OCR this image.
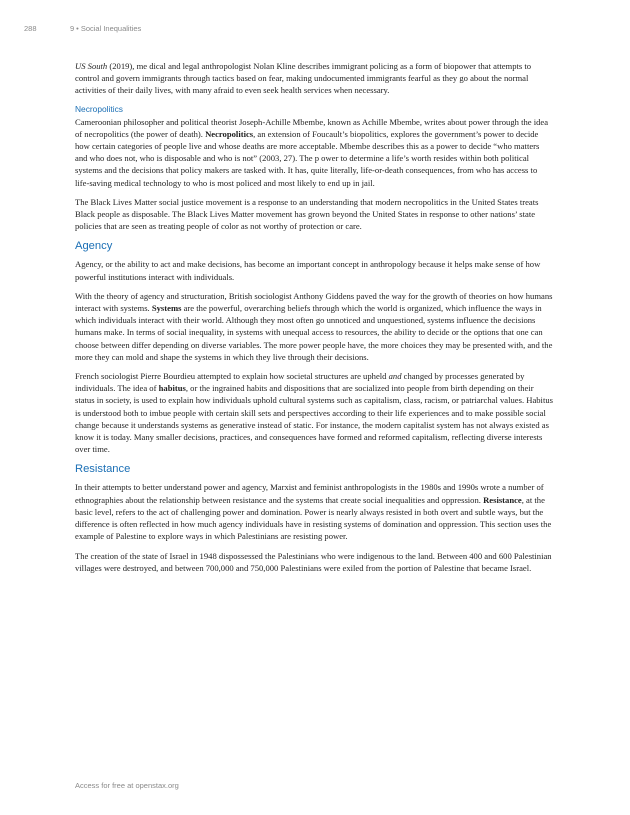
288	9 • Social Inequalities

US South (2019), me dical and legal anthropologist Nolan Kline describes immigrant policing as a form of biopower that attempts to control and govern immigrants through tactics based on fear, making undocumented immigrants fearful as they go about the normal activities of their daily lives, with many afraid to even seek health services when necessary.

Necropolitics

Cameroonian philosopher and political theorist Joseph-Achille Mbembe, known as Achille Mbembe, writes about power through the idea of necropolitics (the power of death). Necropolitics, an extension of Foucault’s biopolitics, explores the government’s power to decide how certain categories of people live and whose deaths are more acceptable. Mbembe describes this as a power to decide “who matters and who does not, who is disposable and who is not” (2003, 27). The p ower to determine a life’s worth resides within both political systems and the decisions that policy makers are tasked with. It has, quite literally, life-or-death consequences, from who has access to life-saving medical technology to who is most policed and most likely to end up in jail.

The Black Lives Matter social justice movement is a response to an understanding that modern necropolitics in the United States treats Black people as disposable. The Black Lives Matter movement has grown beyond the United States in response to other nations’ state policies that are seen as treating people of color as not worthy of protection or care.

Agency

Agency, or the ability to act and make decisions, has become an important concept in anthropology because it helps make sense of how powerful institutions interact with individuals.

With the theory of agency and structuration, British sociologist Anthony Giddens paved the way for the growth of theories on how humans interact with systems. Systems are the powerful, overarching beliefs through which the world is organized, which influence the ways in which individuals interact with their world. Although they most often go unnoticed and unquestioned, systems influence the decisions humans make. In terms of social inequality, in systems with unequal access to resources, the ability to decide or the options that one can choose between differ depending on diverse variables. The more power people have, the more choices they may be presented with, and the more they can mold and shape the systems in which they live through their decisions.

French sociologist Pierre Bourdieu attempted to explain how societal structures are upheld and changed by processes generated by individuals. The idea of habitus, or the ingrained habits and dispositions that are socialized into people from birth depending on their status in society, is used to explain how individuals uphold cultural systems such as capitalism, class, racism, or patriarchal values. Habitus is understood both to imbue people with certain skill sets and perspectives according to their life experiences and to make possible social change because it understands systems as generative instead of static. For instance, the modern capitalist system has not always existed as know it is today. Many smaller decisions, practices, and consequences have formed and reformed capitalism, reflecting diverse interests over time.

Resistance

In their attempts to better understand power and agency, Marxist and feminist anthropologists in the 1980s and 1990s wrote a number of ethnographies about the relationship between resistance and the systems that create social inequalities and oppression. Resistance, at the basic level, refers to the act of challenging power and domination. Power is nearly always resisted in both overt and subtle ways, but the difference is often reflected in how much agency individuals have in resisting systems of domination and oppression. This section uses the example of Palestine to explore ways in which Palestinians are resisting power.

The creation of the state of Israel in 1948 dispossessed the Palestinians who were indigenous to the land. Between 400 and 600 Palestinian villages were destroyed, and between 700,000 and 750,000 Palestinians were exiled from the portion of Palestine that became Israel.

Access for free at openstax.org
